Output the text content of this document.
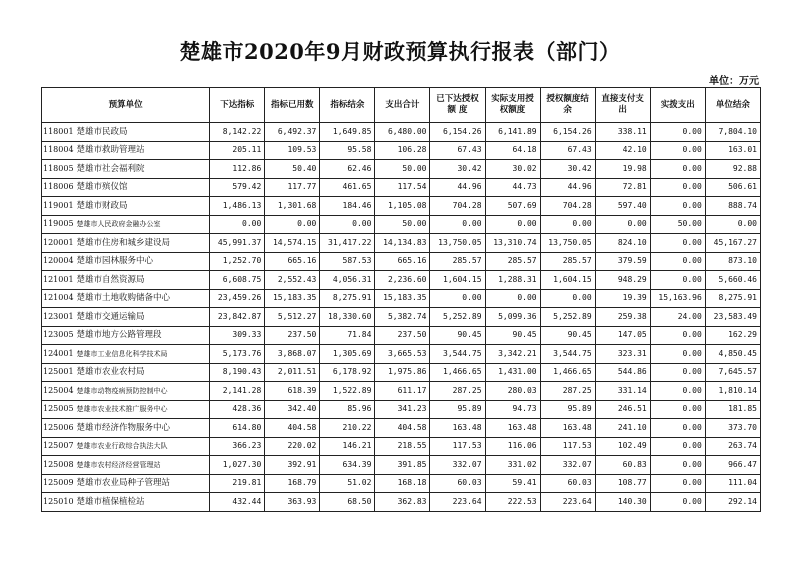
楚雄市2020年9月财政预算执行报表（部门）
单位：万元
预算单位		下达指标	指标已用数	指标结余	支出合计	已下达授权 额 度	实际支用授权额度	授权额度结余	直接支付支出	实拨支出	单位结余
118001	楚雄市民政局	8,142.22	6,492.37	1,649.85	6,480.00	6,154.26	6,141.89	6,154.26	338.11	0.00	7,804.10
118004	楚雄市救助管理站	205.11	109.53	95.58	106.28	67.43	64.18	67.43	42.10	0.00	163.01
118005	楚雄市社会福利院	112.86	50.40	62.46	50.00	30.42	30.02	30.42	19.98	0.00	92.88
118006	楚雄市殡仪馆	579.42	117.77	461.65	117.54	44.96	44.73	44.96	72.81	0.00	506.61
119001	楚雄市财政局	1,486.13	1,301.68	184.46	1,105.08	704.28	507.69	704.28	597.40	0.00	888.74
119005	楚雄市人民政府金融办公室	0.00	0.00	0.00	50.00	0.00	0.00	0.00	0.00	50.00	0.00
120001	楚雄市住房和城乡建设局	45,991.37	14,574.15	31,417.22	14,134.83	13,750.05	13,310.74	13,750.05	824.10	0.00	45,167.27
120004	楚雄市园林服务中心	1,252.70	665.16	587.53	665.16	285.57	285.57	285.57	379.59	0.00	873.10
121001	楚雄市自然资源局	6,608.75	2,552.43	4,056.31	2,236.60	1,604.15	1,288.31	1,604.15	948.29	0.00	5,660.46
121004	楚雄市土地收购储备中心	23,459.26	15,183.35	8,275.91	15,183.35	0.00	0.00	0.00	19.39	15,163.96	8,275.91
123001	楚雄市交通运输局	23,842.87	5,512.27	18,330.60	5,382.74	5,252.89	5,099.36	5,252.89	259.38	24.00	23,583.49
123005	楚雄市地方公路管理段	309.33	237.50	71.84	237.50	90.45	90.45	90.45	147.05	0.00	162.29
124001	楚雄市工业信息化科学技术局	5,173.76	3,868.07	1,305.69	3,665.53	3,544.75	3,342.21	3,544.75	323.31	0.00	4,850.45
125001	楚雄市农业农村局	8,190.43	2,011.51	6,178.92	1,975.86	1,466.65	1,431.00	1,466.65	544.86	0.00	7,645.57
125004	楚雄市动物疫病预防控制中心	2,141.28	618.39	1,522.89	611.17	287.25	280.03	287.25	331.14	0.00	1,810.14
125005	楚雄市农业技术推广服务中心	428.36	342.40	85.96	341.23	95.89	94.73	95.89	246.51	0.00	181.85
125006	楚雄市经济作物服务中心	614.80	404.58	210.22	404.58	163.48	163.48	163.48	241.10	0.00	373.70
125007	楚雄市农业行政综合执法大队	366.23	220.02	146.21	218.55	117.53	116.06	117.53	102.49	0.00	263.74
125008	楚雄市农村经济经营管理站	1,027.30	392.91	634.39	391.85	332.07	331.02	332.07	60.83	0.00	966.47
125009	楚雄市农业局种子管理站	219.81	168.79	51.02	168.18	60.03	59.41	60.03	108.77	0.00	111.04
125010	楚雄市植保植检站	432.44	363.93	68.50	362.83	223.64	222.53	223.64	140.30	0.00	292.14
